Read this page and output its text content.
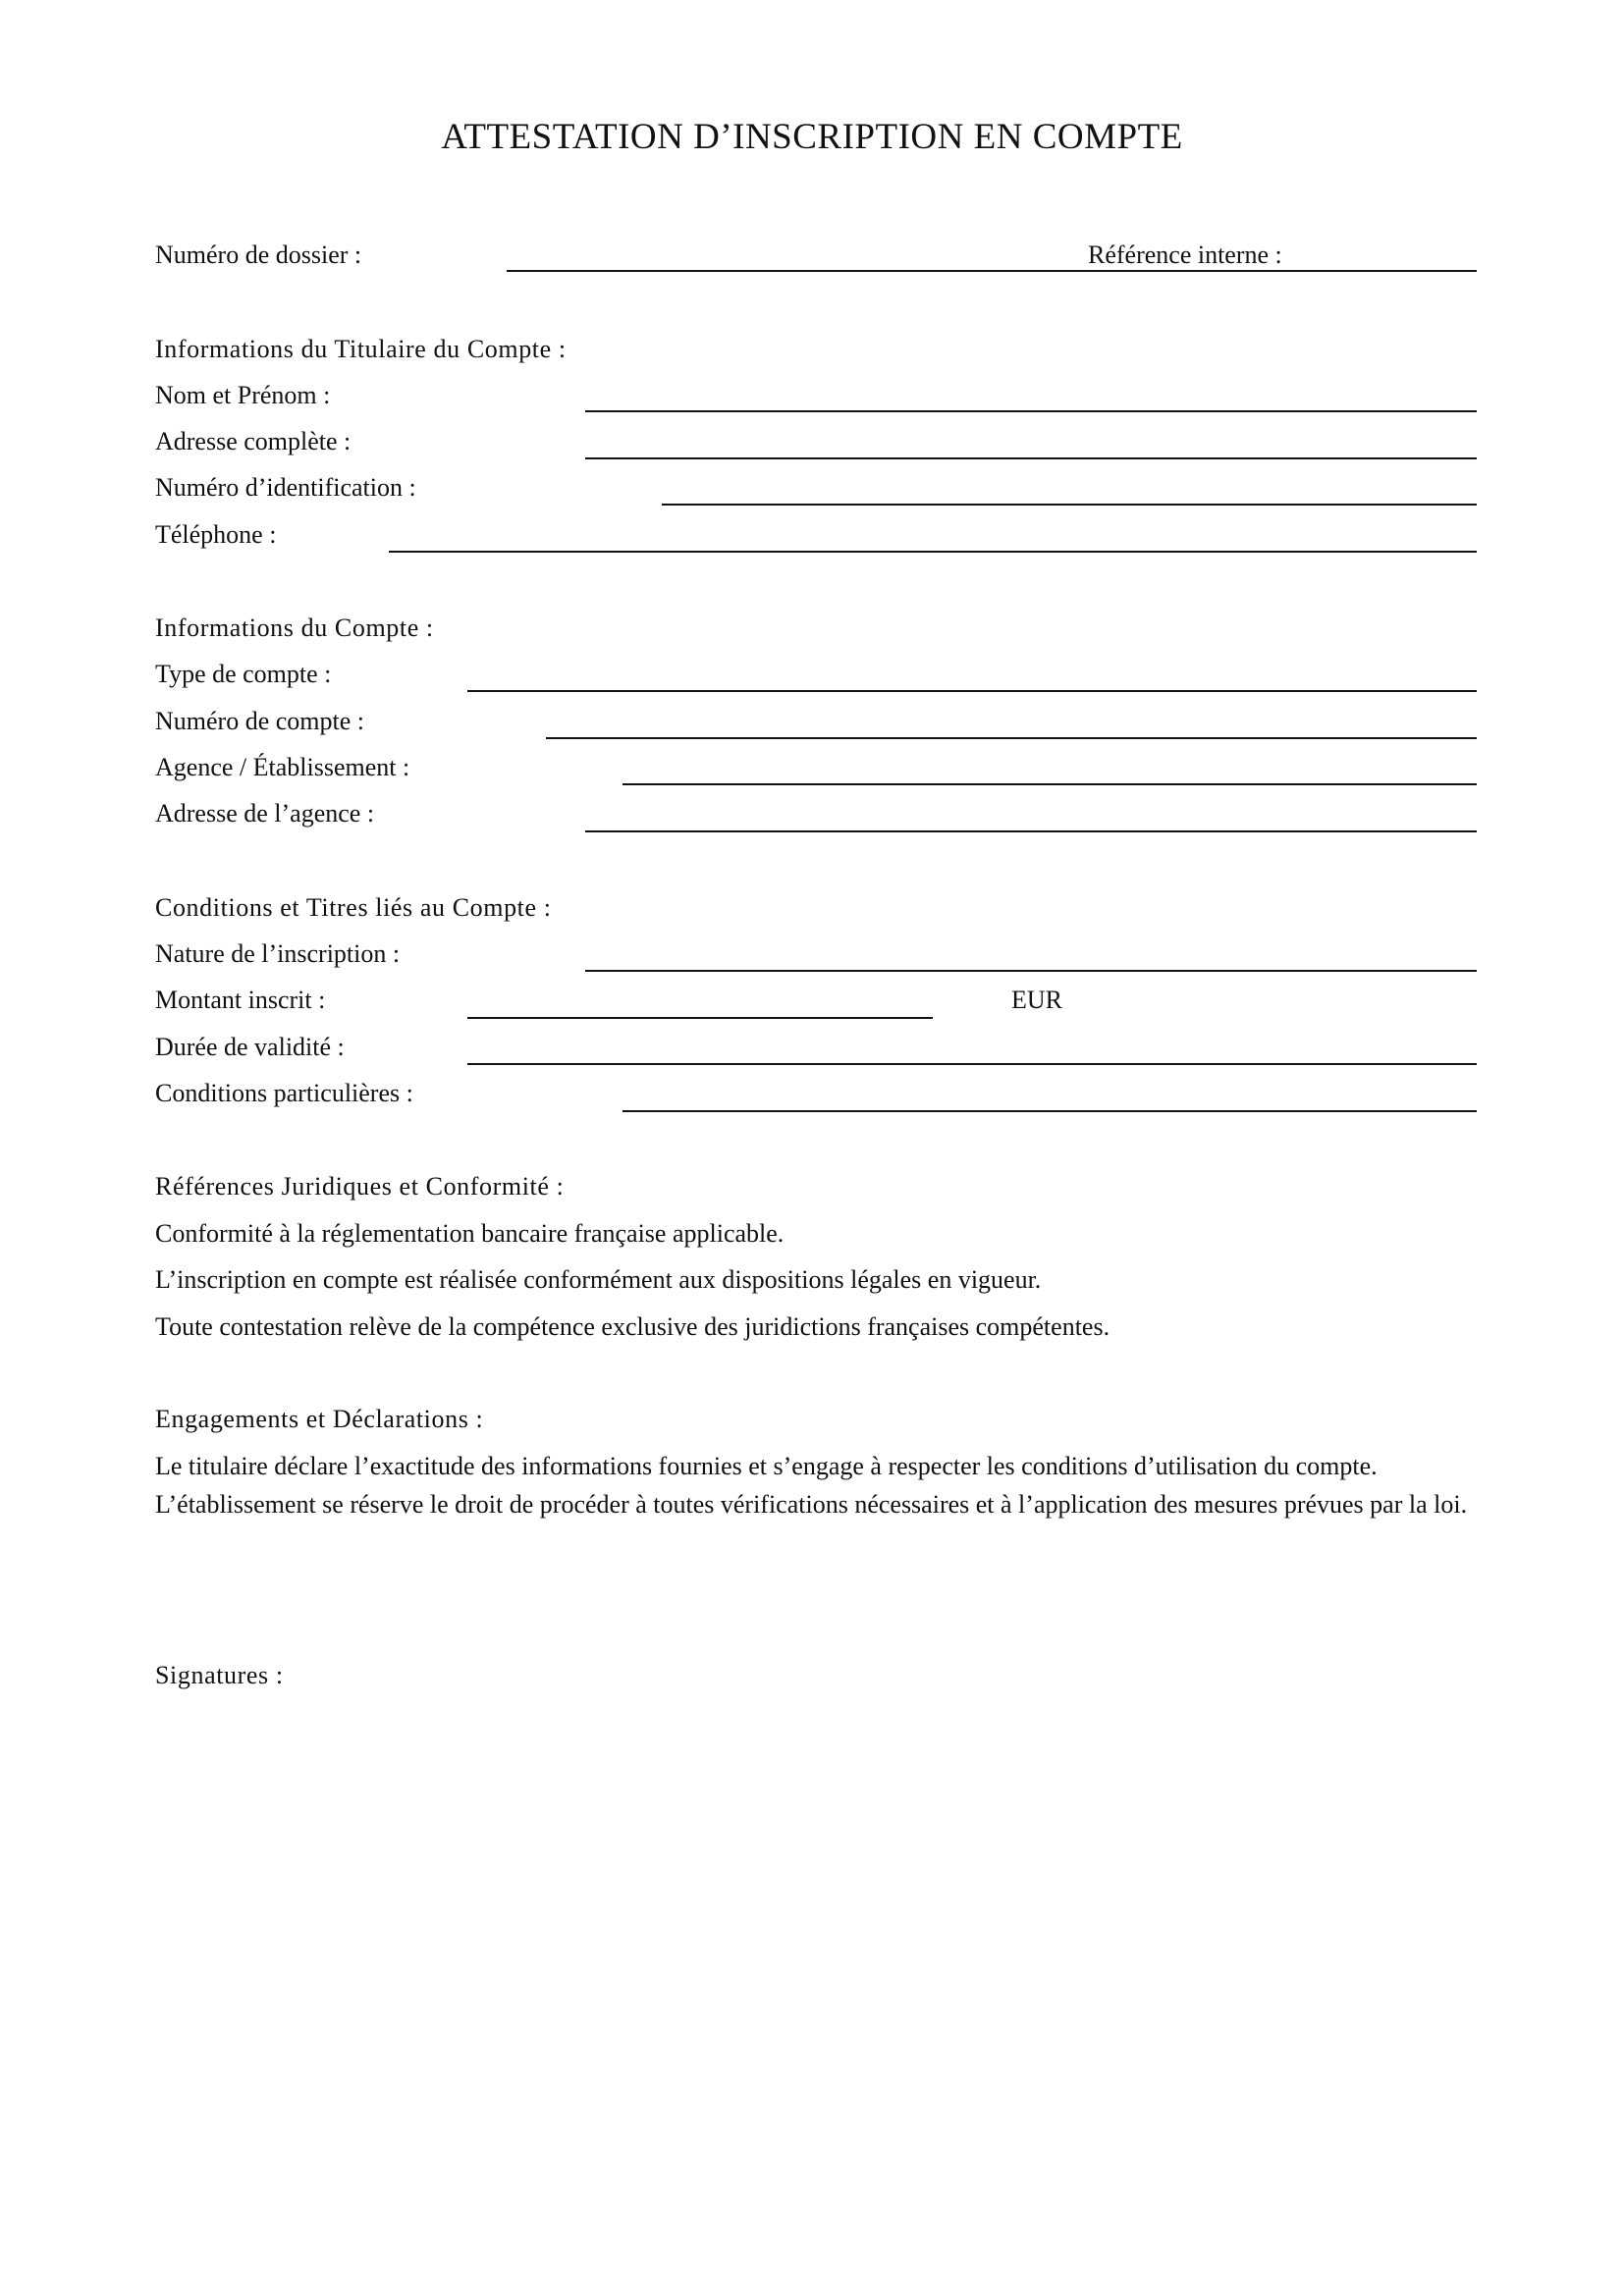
ATTESTATION D’INSCRIPTION EN COMPTE
Numéro de dossier :	Référence interne :
Informations du Titulaire du Compte :
Nom et Prénom :
Adresse complète :
Numéro d’identification :
Téléphone :
Informations du Compte :
Type de compte :
Numéro de compte :
Agence / Établissement :
Adresse de l’agence :
Conditions et Titres liés au Compte :
Nature de l’inscription :
Montant inscrit :	EUR
Durée de validité :
Conditions particulières :
Références Juridiques et Conformité :
Conformité à la réglementation bancaire française applicable.
L’inscription en compte est réalisée conformément aux dispositions légales en vigueur.
Toute contestation relève de la compétence exclusive des juridictions françaises compétentes.
Engagements et Déclarations :
Le titulaire déclare l’exactitude des informations fournies et s’engage à respecter les conditions d’utilisation du compte. L’établissement se réserve le droit de procéder à toutes vérifications nécessaires et à l’application des mesures prévues par la loi.
Signatures :
